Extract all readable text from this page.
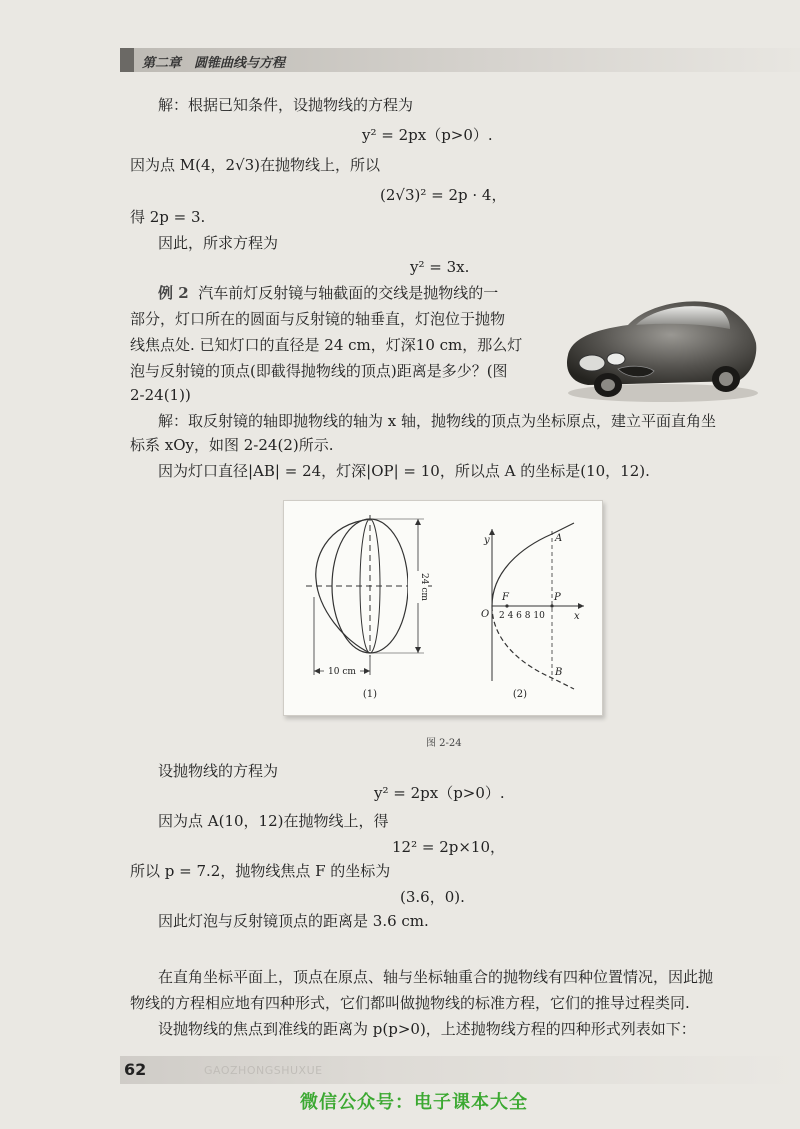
第二章　圆锥曲线与方程
解：根据已知条件，设抛物线的方程为
y² = 2px（p>0）.
因为点 M(4，2√3)在抛物线上，所以
(2√3)² = 2p · 4，
得 2p = 3.
因此，所求方程为
y² = 3x.
例 2 汽车前灯反射镜与轴截面的交线是抛物线的一
部分，灯口所在的圆面与反射镜的轴垂直，灯泡位于抛物
线焦点处. 已知灯口的直径是 24 cm，灯深10 cm，那么灯
泡与反射镜的顶点(即截得抛物线的顶点)距离是多少？(图
2-24(1))
解：取反射镜的轴即抛物线的轴为 x 轴，抛物线的顶点为坐标原点，建立平面直角坐
标系 xOy，如图 2-24(2)所示.
因为灯口直径|AB| = 24，灯深|OP| = 10，所以点 A 的坐标是(10，12).
10 cm
24 cm
(1)
y
x
O
F	P
A
B
2 4 6 8 10
(2)
图 2-24
设抛物线的方程为
y² = 2px（p>0）.
因为点 A(10，12)在抛物线上，得
12² = 2p×10，
所以 p = 7.2，抛物线焦点 F 的坐标为
(3.6，0).
因此灯泡与反射镜顶点的距离是 3.6 cm.
在直角坐标平面上，顶点在原点、轴与坐标轴重合的抛物线有四种位置情况，因此抛
物线的方程相应地有四种形式，它们都叫做抛物线的标准方程，它们的推导过程类同.
设抛物线的焦点到准线的距离为 p(p>0)，上述抛物线方程的四种形式列表如下：
62	GAOZHONGSHUXUE
微信公众号：电子课本大全
